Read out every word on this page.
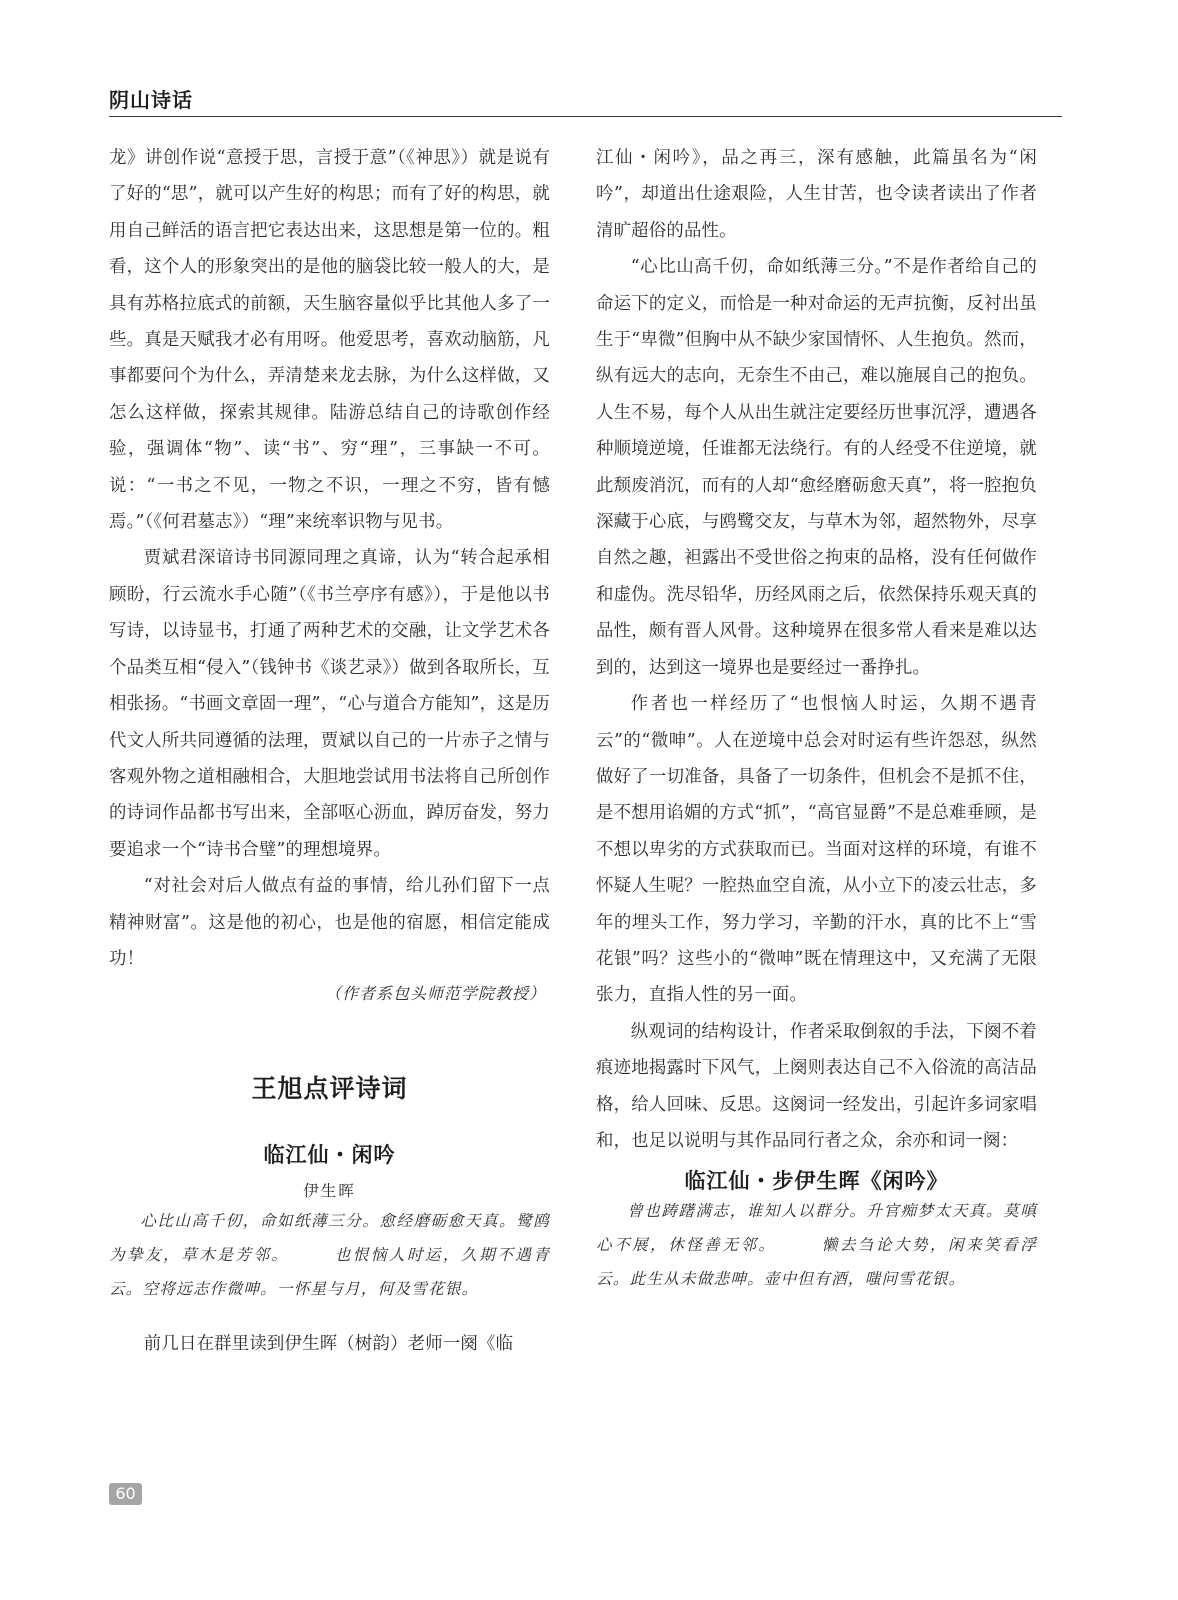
阴山诗话

龙》讲创作说“意授于思，言授于意”（《神思》）就是说有了好的“思”，就可以产生好的构思；而有了好的构思，就用自己鲜活的语言把它表达出来，这思想是第一位的。粗看，这个人的形象突出的是他的脑袋比较一般人的大，是具有苏格拉底式的前额，天生脑容量似乎比其他人多了一些。真是天赋我才必有用呀。他爱思考，喜欢动脑筋，凡事都要问个为什么，弄清楚来龙去脉，为什么这样做，又怎么这样做，探索其规律。陆游总结自己的诗歌创作经验，强调体“物”、读“书”、穷“理”，三事缺一不可。说：“一书之不见，一物之不识，一理之不穷，皆有憾焉。”（《何君墓志》）“理”来统率识物与见书。

贾斌君深谙诗书同源同理之真谛，认为“转合起承相顾盼，行云流水手心随”（《书兰亭序有感》），于是他以书写诗，以诗显书，打通了两种艺术的交融，让文学艺术各个品类互相“侵入”（钱钟书《谈艺录》）做到各取所长，互相张扬。“书画文章固一理”，“心与道合方能知”，这是历代文人所共同遵循的法理，贾斌以自己的一片赤子之情与客观外物之道相融相合，大胆地尝试用书法将自己所创作的诗词作品都书写出来，全部呕心沥血，踔厉奋发，努力要追求一个“诗书合璧”的理想境界。

“对社会对后人做点有益的事情，给儿孙们留下一点精神财富”。这是他的初心，也是他的宿愿，相信定能成功！

（作者系包头师范学院教授）

王旭点评诗词
临江仙・闲吟
伊生晖

心比山高千仞，命如纸薄三分。愈经磨砺愈天真。鹭鸥为挚友，草木是芳邻。	也恨恼人时运，久期不遇青云。空将远志作微呻。一怀星与月，何及雪花银。

前几日在群里读到伊生晖（树韵）老师一阕《临

江仙・闲吟》，品之再三，深有感触，此篇虽名为“闲吟”，却道出仕途艰险，人生甘苦，也令读者读出了作者清旷超俗的品性。

“心比山高千仞，命如纸薄三分。”不是作者给自己的命运下的定义，而恰是一种对命运的无声抗衡，反衬出虽生于“卑微”但胸中从不缺少家国情怀、人生抱负。然而，纵有远大的志向，无奈生不由己，难以施展自己的抱负。人生不易，每个人从出生就注定要经历世事沉浮，遭遇各种顺境逆境，任谁都无法绕行。有的人经受不住逆境，就此颓废消沉，而有的人却“愈经磨砺愈天真”，将一腔抱负深藏于心底，与鸥鹭交友，与草木为邻，超然物外，尽享自然之趣，袒露出不受世俗之拘束的品格，没有任何做作和虚伪。洗尽铅华，历经风雨之后，依然保持乐观天真的品性，颇有晋人风骨。这种境界在很多常人看来是难以达到的，达到这一境界也是要经过一番挣扎。

作者也一样经历了“也恨恼人时运，久期不遇青云”的“微呻”。人在逆境中总会对时运有些许怨怼，纵然做好了一切准备，具备了一切条件，但机会不是抓不住，是不想用谄媚的方式“抓”，“高官显爵”不是总难垂顾，是不想以卑劣的方式获取而已。当面对这样的环境，有谁不怀疑人生呢？一腔热血空自流，从小立下的凌云壮志，多年的埋头工作，努力学习，辛勤的汗水，真的比不上“雪花银”吗？这些小的“微呻”既在情理这中，又充满了无限张力，直指人性的另一面。

纵观词的结构设计，作者采取倒叙的手法，下阕不着痕迹地揭露时下风气，上阕则表达自己不入俗流的高洁品格，给人回味、反思。这阕词一经发出，引起许多词家唱和，也足以说明与其作品同行者之众，余亦和词一阕：

临江仙・步伊生晖《闲吟》

曾也踌躇满志，谁知人以群分。升官痴梦太天真。莫嗔心不展，休怪善无邻。	懒去刍论大势，闲来笑看浮云。此生从未做悲呻。壶中但有酒，嗤问雪花银。

60
